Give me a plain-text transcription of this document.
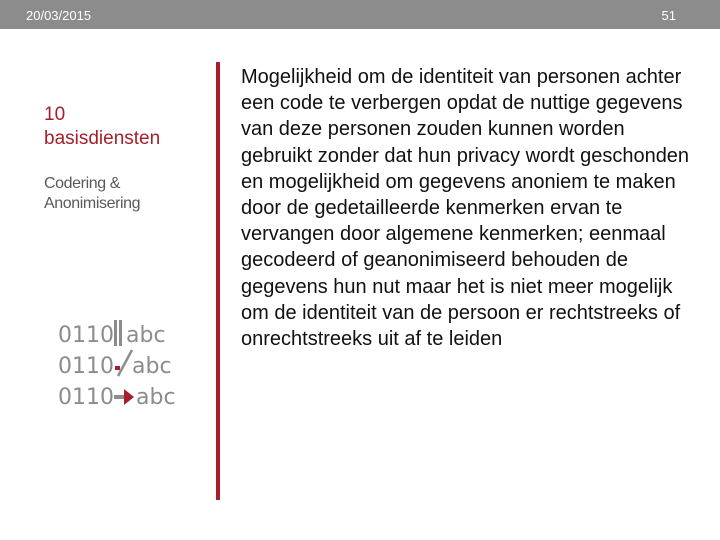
20/03/2015	51
10
basisdiensten
Codering &
Anonimisering
0110 abc
0110 abc
0110 abc

Mogelijkheid om de identiteit van personen achter een code te verbergen opdat de nuttige gegevens van deze personen zouden kunnen worden gebruikt zonder dat hun privacy wordt geschonden en mogelijkheid om gegevens anoniem te maken door de gedetailleerde kenmerken ervan te vervangen door algemene kenmerken; eenmaal gecodeerd of geanonimiseerd behouden de gegevens hun nut maar het is niet meer mogelijk om de identiteit van de persoon er rechtstreeks of onrechtstreeks uit af te leiden
